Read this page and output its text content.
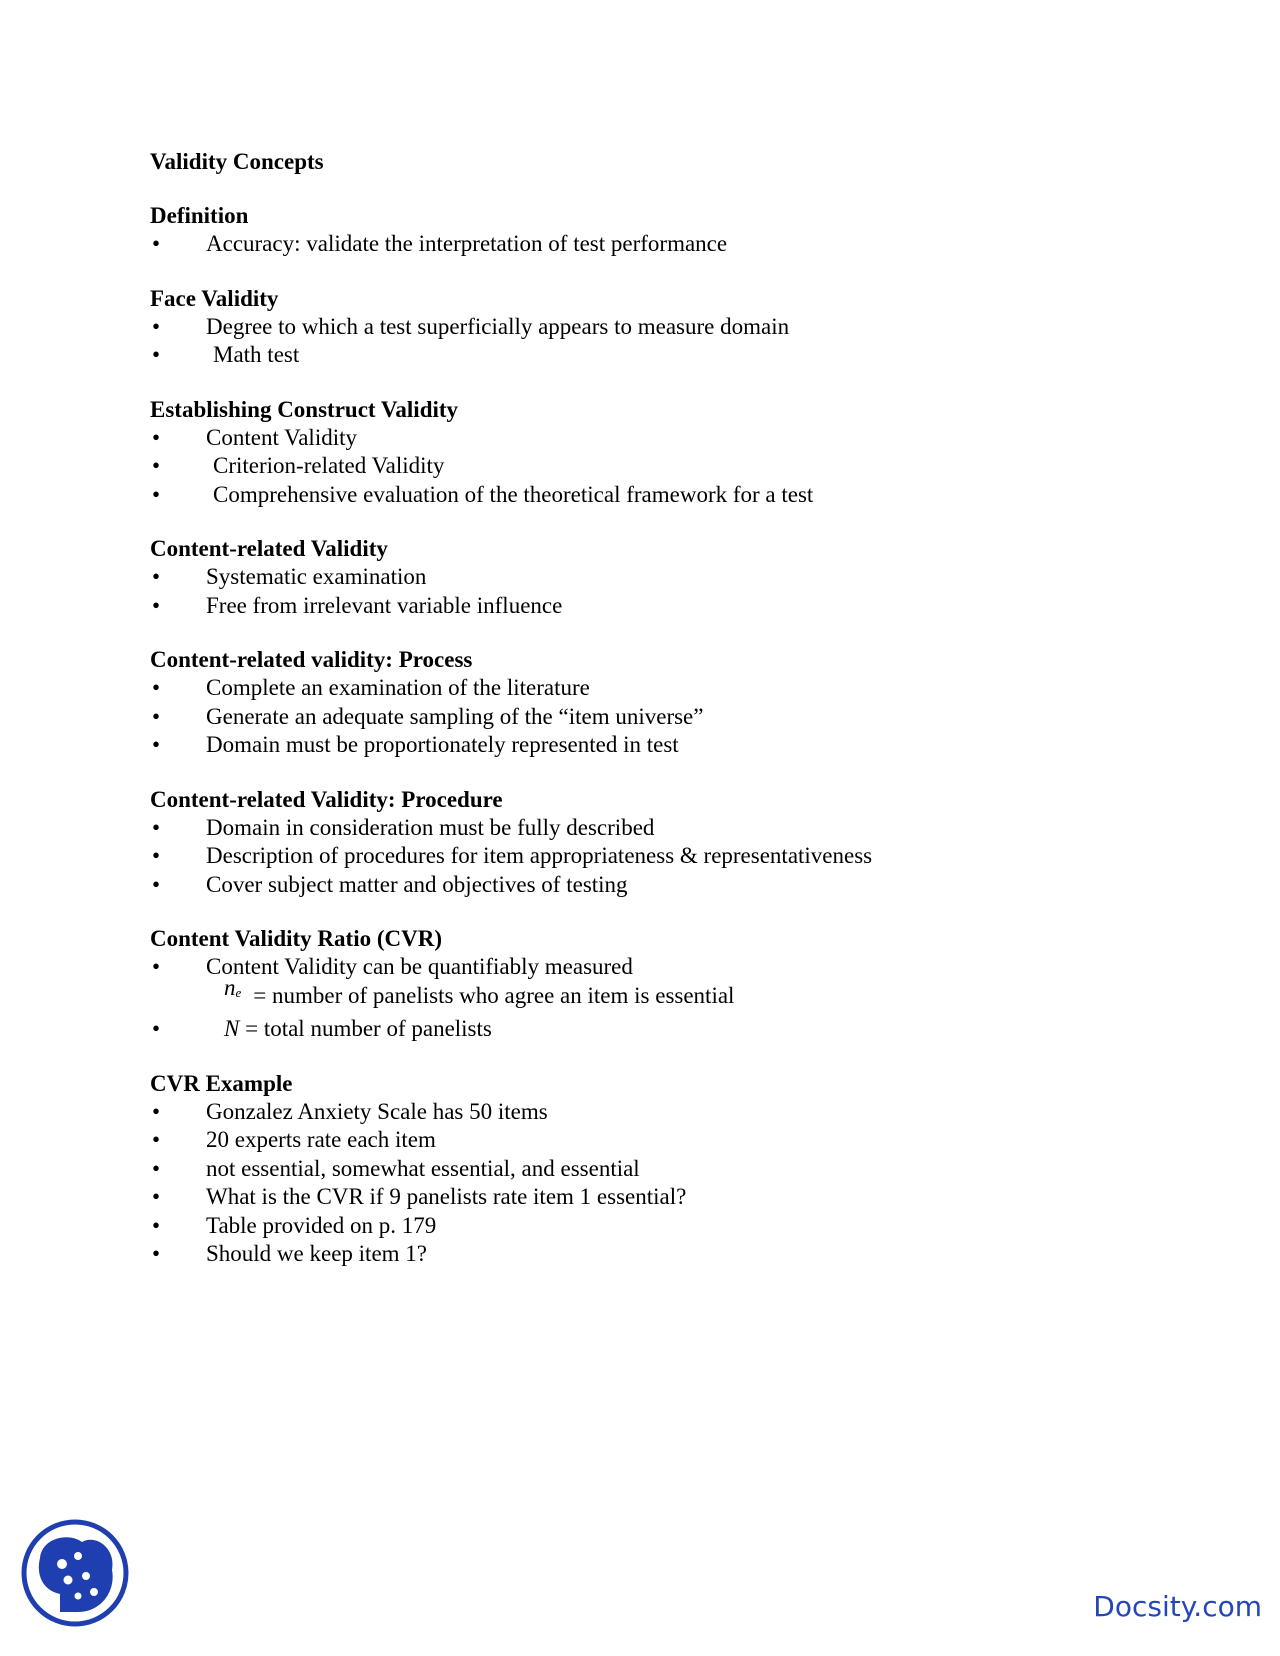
Validity Concepts
Definition
• Accuracy: validate the interpretation of test performance
Face Validity
• Degree to which a test superficially appears to measure domain
• Math test
Establishing Construct Validity
• Content Validity
• Criterion-related Validity
• Comprehensive evaluation of the theoretical framework for a test
Content-related Validity
• Systematic examination
• Free from irrelevant variable influence
Content-related validity: Process
• Complete an examination of the literature
• Generate an adequate sampling of the “item universe”
• Domain must be proportionately represented in test
Content-related Validity: Procedure
• Domain in consideration must be fully described
• Description of procedures for item appropriateness & representativeness
• Cover subject matter and objectives of testing
Content Validity Ratio (CVR)
• Content Validity can be quantifiably measured
ne = number of panelists who agree an item is essential
•	N = total number of panelists
CVR Example
• Gonzalez Anxiety Scale has 50 items
• 20 experts rate each item
• not essential, somewhat essential, and essential
• What is the CVR if 9 panelists rate item 1 essential?
• Table provided on p. 179
• Should we keep item 1?
Docsity.com
